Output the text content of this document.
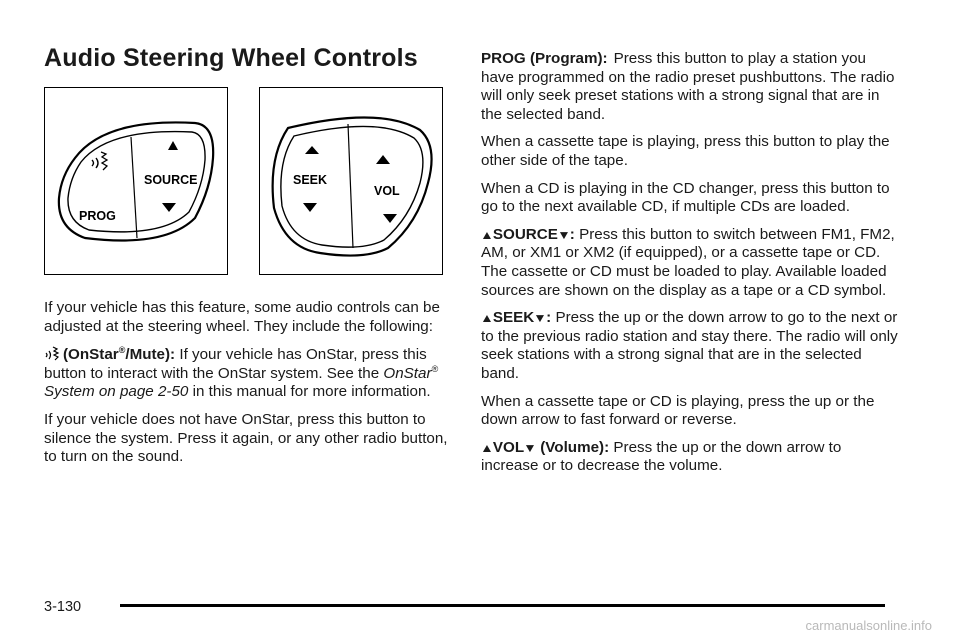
Audio Steering Wheel Controls
PROG
SOURCE	SEEK
VOL

If your vehicle has this feature, some audio controls can be adjusted at the steering wheel. They include the following:

(OnStar®/Mute): If your vehicle has OnStar, press this button to interact with the OnStar system. See the OnStar® System on page 2-50 in this manual for more information.

If your vehicle does not have OnStar, press this button to silence the system. Press it again, or any other radio button, to turn on the sound.

PROG (Program): Press this button to play a station you have programmed on the radio preset pushbuttons. The radio will only seek preset stations with a strong signal that are in the selected band.

When a cassette tape is playing, press this button to play the other side of the tape.

When a CD is playing in the CD changer, press this button to go to the next available CD, if multiple CDs are loaded.

▲SOURCE▼: Press this button to switch between FM1, FM2, AM, or XM1 or XM2 (if equipped), or a cassette tape or CD. The cassette or CD must be loaded to play. Available loaded sources are shown on the display as a tape or a CD symbol.

▲SEEK▼: Press the up or the down arrow to go to the next or to the previous radio station and stay there. The radio will only seek stations with a strong signal that are in the selected band.

When a cassette tape or CD is playing, press the up or the down arrow to fast forward or reverse.

▲VOL▼ (Volume): Press the up or the down arrow to increase or to decrease the volume.

3-130
carmanualsonline.info
